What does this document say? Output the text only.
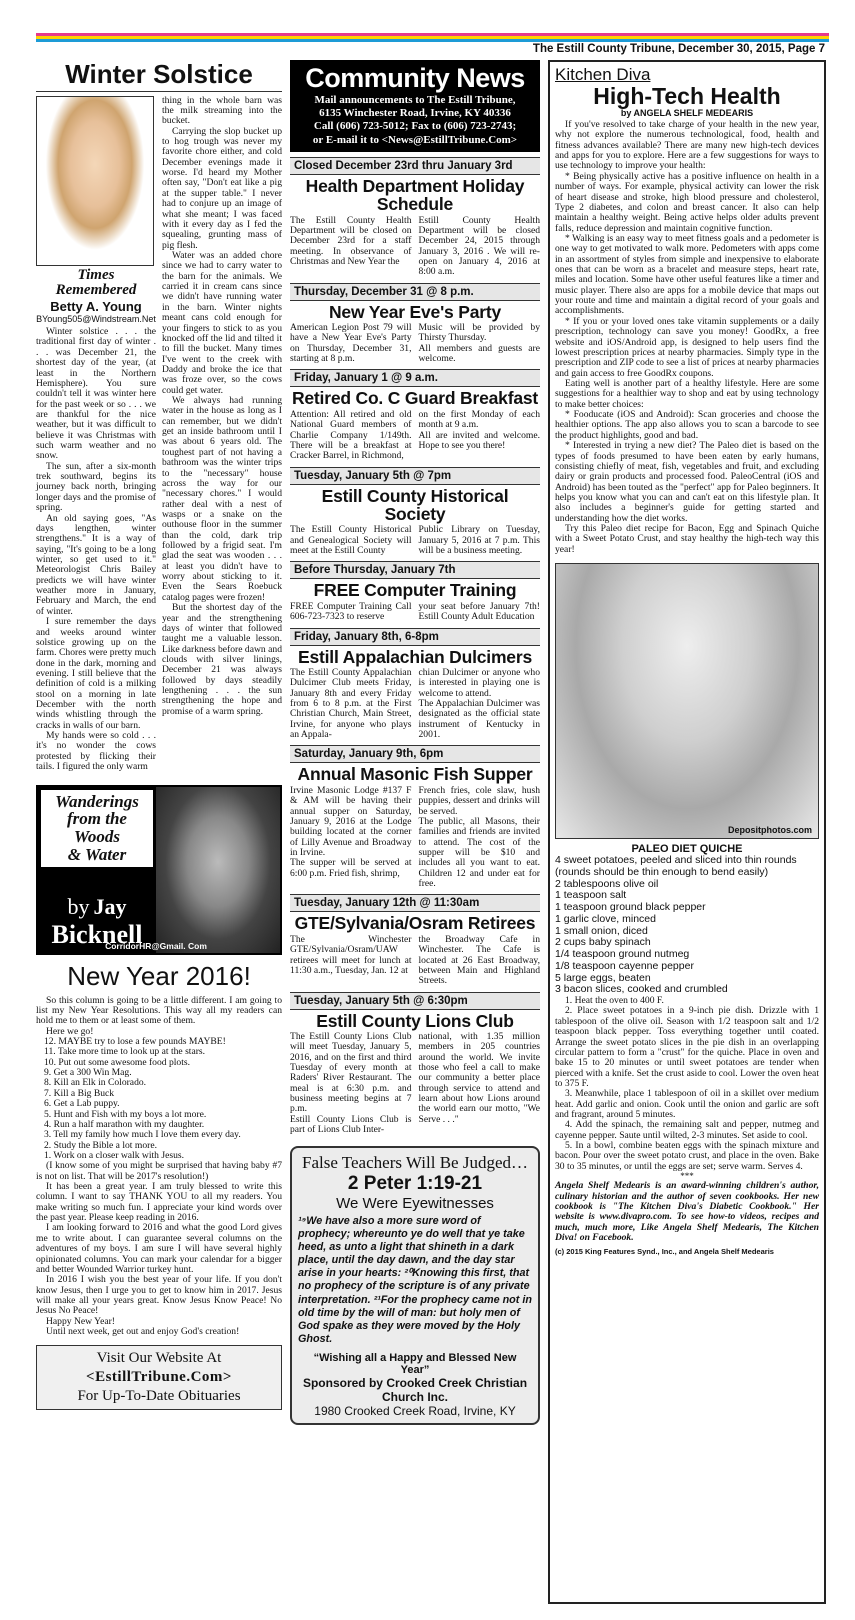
The Estill County Tribune, December 30, 2015, Page 7
Winter Solstice
Times Remembered
Betty A. Young
BYoung505@Windstream.Net

Winter solstice . . . the traditional first day of winter . . . was December 21, the shortest day of the year, (at least in the Northern Hemisphere). You sure couldn't tell it was winter here for the past week or so . . . we are thankful for the nice weather, but it was difficult to believe it was Christmas with such warm weather and no snow.

The sun, after a six-month trek southward, begins its journey back north, bringing longer days and the promise of spring.

An old saying goes, "As days lengthen, winter strengthens." It is a way of saying, "It's going to be a long winter, so get used to it." Meteorologist Chris Bailey predicts we will have winter weather more in January, February and March, the end of winter.

I sure remember the days and weeks around winter solstice growing up on the farm. Chores were pretty much done in the dark, morning and evening. I still believe that the definition of cold is a milking stool on a morning in late December with the north winds whistling through the cracks in walls of our barn.

My hands were so cold . . . it's no wonder the cows protested by flicking their tails. I figured the only warm

thing in the whole barn was the milk streaming into the bucket.

Carrying the slop bucket up to hog trough was never my favorite chore either, and cold December evenings made it worse. I'd heard my Mother often say, "Don't eat like a pig at the supper table." I never had to conjure up an image of what she meant; I was faced with it every day as I fed the squealing, grunting mass of pig flesh.

Water was an added chore since we had to carry water to the barn for the animals. We carried it in cream cans since we didn't have running water in the barn. Winter nights meant cans cold enough for your fingers to stick to as you knocked off the lid and tilted it to fill the bucket. Many times I've went to the creek with Daddy and broke the ice that was froze over, so the cows could get water.

We always had running water in the house as long as I can remember, but we didn't get an inside bathroom until I was about 6 years old. The toughest part of not having a bathroom was the winter trips to the "necessary" house across the way for our "necessary chores." I would rather deal with a nest of wasps or a snake on the outhouse floor in the summer than the cold, dark trip followed by a frigid seat. I'm glad the seat was wooden . . . at least you didn't have to worry about sticking to it. Even the Sears Roebuck catalog pages were frozen!

But the shortest day of the year and the strengthening days of winter that followed taught me a valuable lesson. Like darkness before dawn and clouds with silver linings, December 21 was always followed by days steadily lengthening . . . the sun strengthening the hope and promise of a warm spring.

Wanderings
from the
Woods
& Water
by Jay
Bicknell
CorridorHR@Gmail. Com
New Year 2016!

So this column is going to be a little different. I am going to list my New Year Resolutions. This way all my readers can hold me to them or at least some of them.

Here we go!

12. MAYBE try to lose a few pounds MAYBE!
11. Take more time to look up at the stars.
10. Put out some awesome food plots.
9. Get a 300 Win Mag.
8. Kill an Elk in Colorado.
7. Kill a Big Buck
6. Get a Lab puppy.
5. Hunt and Fish with my boys a lot more.
4. Run a half marathon with my daughter.
3. Tell my family how much I love them every day.
2. Study the Bible a lot more.
1. Work on a closer walk with Jesus.

(I know some of you might be surprised that having baby #7 is not on list. That will be 2017's resolution!)

It has been a great year. I am truly blessed to write this column. I want to say THANK YOU to all my readers. You make writing so much fun. I appreciate your kind words over the past year. Please keep reading in 2016.

I am looking forward to 2016 and what the good Lord gives me to write about. I can guarantee several columns on the adventures of my boys. I am sure I will have several highly opinionated columns. You can mark your calendar for a bigger and better Wounded Warrior turkey hunt.

In 2016 I wish you the best year of your life. If you don't know Jesus, then I urge you to get to know him in 2017. Jesus will make all your years great. Know Jesus Know Peace! No Jesus No Peace!

Happy New Year!

Until next week, get out and enjoy God's creation!

Visit Our Website At
<EstillTribune.Com>
For Up-To-Date Obituaries
Community News
Mail announcements to The Estill Tribune,
6135 Winchester Road, Irvine, KY 40336
Call (606) 723-5012; Fax to (606) 723-2743;
or E-mail it to <News@EstillTribune.Com>
Closed December 23rd thru January 3rd
Health Department Holiday Schedule
The Estill County Health Department will be closed on December 23rd for a staff meeting. In observance of Christmas and New Year the
Estill County Health Department will be closed December 24, 2015 through January 3, 2016 . We will re-open on January 4, 2016 at 8:00 a.m.
Thursday, December 31 @ 8 p.m.
New Year Eve's Party
American Legion Post 79 will have a New Year Eve's Party on Thursday, December 31, starting at 8 p.m.
Music will be provided by Thirsty Thursday.
All members and guests are welcome.
Friday, January 1 @ 9 a.m.
Retired Co. C Guard Breakfast
Attention: All retired and old National Guard members of Charlie Company 1/149th. There will be a breakfast at Cracker Barrel, in Richmond,
on the first Monday of each month at 9 a.m.
All are invited and welcome. Hope to see you there!
Tuesday, January 5th @ 7pm
Estill County Historical Society
The Estill County Historical and Genealogical Society will meet at the Estill County
Public Library on Tuesday, January 5, 2016 at 7 p.m. This will be a business meeting.
Before Thursday, January 7th
FREE Computer Training
FREE Computer Training Call 606-723-7323 to reserve
your seat before January 7th! Estill County Adult Education
Friday, January 8th, 6-8pm
Estill Appalachian Dulcimers
The Estill County Appalachian Dulcimer Club meets Friday, January 8th and every Friday from 6 to 8 p.m. at the First Christian Church, Main Street, Irvine, for anyone who plays an Appala-
chian Dulcimer or anyone who is interested in playing one is welcome to attend.
The Appalachian Dulcimer was designated as the official state instrument of Kentucky in 2001.
Saturday, January 9th, 6pm
Annual Masonic Fish Supper
Irvine Masonic Lodge #137 F & AM will be having their annual supper on Saturday, January 9, 2016 at the Lodge building located at the corner of Lilly Avenue and Broadway in Irvine.
The supper will be served at 6:00 p.m. Fried fish, shrimp,
French fries, cole slaw, hush puppies, dessert and drinks will be served.
The public, all Masons, their families and friends are invited to attend. The cost of the supper will be $10 and includes all you want to eat. Children 12 and under eat for free.
Tuesday, January 12th @ 11:30am
GTE/Sylvania/Osram Retirees
The Winchester GTE/Sylvania/Osram/UAW retirees will meet for lunch at 11:30 a.m., Tuesday, Jan. 12 at
the Broadway Cafe in Winchester. The Cafe is located at 26 East Broadway, between Main and Highland Streets.
Tuesday, January 5th @ 6:30pm
Estill County Lions Club
The Estill County Lions Club will meet Tuesday, January 5, 2016, and on the first and third Tuesday of every month at Raders' River Restaurant. The meal is at 6:30 p.m. and business meeting begins at 7 p.m.
Estill County Lions Club is part of Lions Club Inter-
national, with 1.35 million members in 205 countries around the world. We invite those who feel a call to make our community a better place through service to attend and learn about how Lions around the world earn our motto, "We Serve . . ."
False Teachers Will Be Judged…
2 Peter 1:19-21
We Were Eyewitnesses
¹⁹We have also a more sure word of prophecy; whereunto ye do well that ye take heed, as unto a light that shineth in a dark place, until the day dawn, and the day star arise in your hearts: ²⁰Knowing this first, that no prophecy of the scripture is of any private interpretation. ²¹For the prophecy came not in old time by the will of man: but holy men of God spake as they were moved by the Holy Ghost.
“Wishing all a Happy and Blessed New Year”
Sponsored by Crooked Creek Christian Church Inc.
1980 Crooked Creek Road, Irvine, KY
Kitchen Diva
High-Tech Health
by ANGELA SHELF MEDEARIS

If you've resolved to take charge of your health in the new year, why not explore the numerous technological, food, health and fitness advances available? There are many new high-tech devices and apps for you to explore. Here are a few suggestions for ways to use technology to improve your health:

* Being physically active has a positive influence on health in a number of ways. For example, physical activity can lower the risk of heart disease and stroke, high blood pressure and cholesterol, Type 2 diabetes, and colon and breast cancer. It also can help maintain a healthy weight. Being active helps older adults prevent falls, reduce depression and maintain cognitive function.

* Walking is an easy way to meet fitness goals and a pedometer is one way to get motivated to walk more. Pedometers with apps come in an assortment of styles from simple and inexpensive to elaborate ones that can be worn as a bracelet and measure steps, heart rate, miles and location. Some have other useful features like a timer and music player. There also are apps for a mobile device that maps out your route and time and maintain a digital record of your goals and accomplishments.

* If you or your loved ones take vitamin supplements or a daily prescription, technology can save you money! GoodRx, a free website and iOS/Android app, is designed to help users find the lowest prescription prices at nearby pharmacies. Simply type in the prescription and ZIP code to see a list of prices at nearby pharmacies and gain access to free GoodRx coupons.

Eating well is another part of a healthy lifestyle. Here are some suggestions for a healthier way to shop and eat by using technology to make better choices:

* Fooducate (iOS and Android): Scan groceries and choose the healthier options. The app also allows you to scan a barcode to see the product highlights, good and bad.

* Interested in trying a new diet? The Paleo diet is based on the types of foods presumed to have been eaten by early humans, consisting chiefly of meat, fish, vegetables and fruit, and excluding dairy or grain products and processed food. PaleoCentral (iOS and Android) has been touted as the "perfect" app for Paleo beginners. It helps you know what you can and can't eat on this lifestyle plan. It also includes a beginner's guide for getting started and understanding how the diet works.

Try this Paleo diet recipe for Bacon, Egg and Spinach Quiche with a Sweet Potato Crust, and stay healthy the high-tech way this year!

Depositphotos.com
PALEO DIET QUICHE
4 sweet potatoes, peeled and sliced into thin rounds (rounds should be thin enough to bend easily)
2 tablespoons olive oil
1 teaspoon salt
1 teaspoon ground black pepper
1 garlic clove, minced
1 small onion, diced
2 cups baby spinach
1/4 teaspoon ground nutmeg
1/8 teaspoon cayenne pepper
5 large eggs, beaten
3 bacon slices, cooked and crumbled

1. Heat the oven to 400 F.

2. Place sweet potatoes in a 9-inch pie dish. Drizzle with 1 tablespoon of the olive oil. Season with 1/2 teaspoon salt and 1/2 teaspoon black pepper. Toss everything together until coated. Arrange the sweet potato slices in the pie dish in an overlapping circular pattern to form a "crust" for the quiche. Place in oven and bake 15 to 20 minutes or until sweet potatoes are tender when pierced with a knife. Set the crust aside to cool. Lower the oven heat to 375 F.

3. Meanwhile, place 1 tablespoon of oil in a skillet over medium heat. Add garlic and onion. Cook until the onion and garlic are soft and fragrant, around 5 minutes.

4. Add the spinach, the remaining salt and pepper, nutmeg and cayenne pepper. Saute until wilted, 2-3 minutes. Set aside to cool.

5. In a bowl, combine beaten eggs with the spinach mixture and bacon. Pour over the sweet potato crust, and place in the oven. Bake 30 to 35 minutes, or until the eggs are set; serve warm. Serves 4.

***
Angela Shelf Medearis is an award-winning children's author, culinary historian and the author of seven cookbooks. Her new cookbook is "The Kitchen Diva's Diabetic Cookbook." Her website is www.divapro.com. To see how-to videos, recipes and much, much more, Like Angela Shelf Medearis, The Kitchen Diva! on Facebook.
(c) 2015 King Features Synd., Inc., and Angela Shelf Medearis
